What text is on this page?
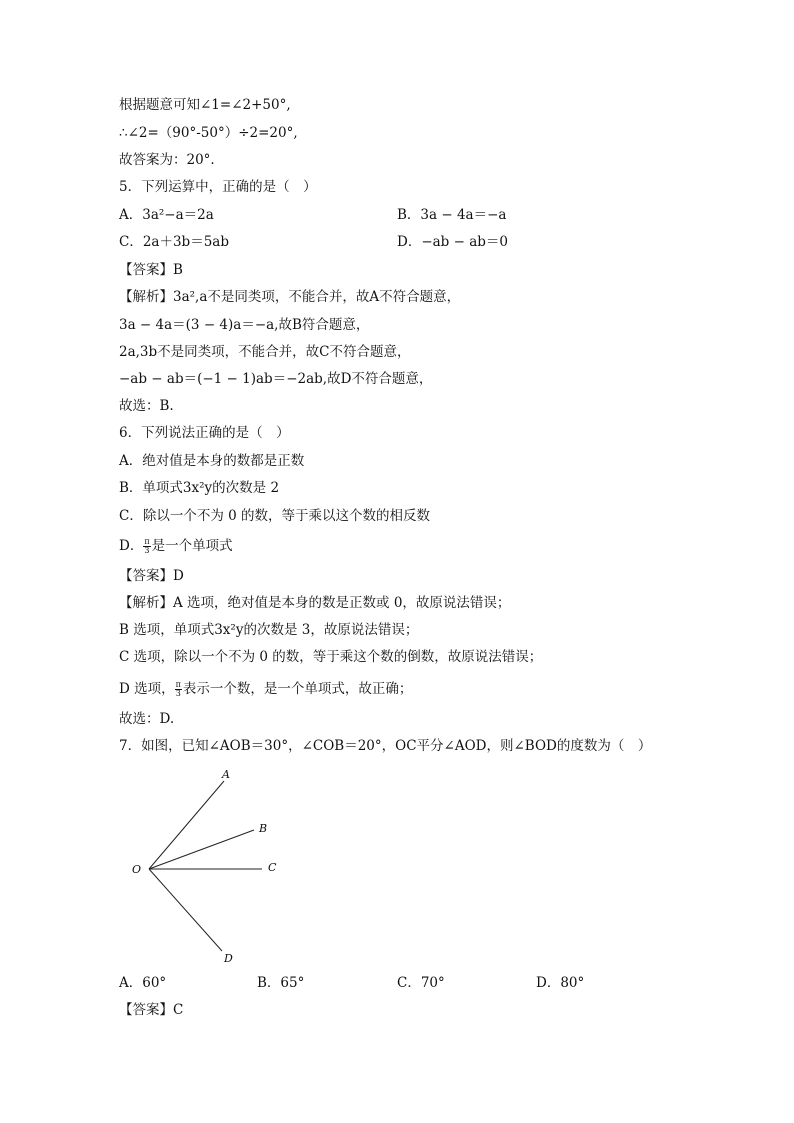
根据题意可知∠1=∠2+50°,
∴∠2=（90°-50°）÷2=20°,
故答案为：20°.
5．下列运算中，正确的是（　）
A．3a²−a＝2a	B．3a − 4a＝−a
C．2a＋3b＝5ab	D．−ab − ab＝0
【答案】B
【解析】3a²,a不是同类项，不能合并，故A不符合题意，
3a − 4a＝(3 − 4)a＝−a,故B符合题意，
2a,3b不是同类项，不能合并，故C不符合题意，
−ab − ab＝(−1 − 1)ab＝−2ab,故D不符合题意，
故选：B.
6．下列说法正确的是（　）
A．绝对值是本身的数都是正数
B．单项式3x²y的次数是 2
C．除以一个不为 0 的数，等于乘以这个数的相反数
D． $\frac{\pi}{3}$ 是一个单项式
【答案】D
【解析】A 选项，绝对值是本身的数是正数或 0，故原说法错误；
B 选项，单项式3x²y的次数是 3，故原说法错误；
C 选项，除以一个不为 0 的数，等于乘这个数的倒数，故原说法错误；
D 选项， $\frac{\pi}{3}$ 表示一个数，是一个单项式，故正确；
故选：D.
7．如图，已知∠AOB＝30°，∠COB＝20°，OC平分∠AOD，则∠BOD的度数为（　）
A
B
C
O
D
A．60°	B．65°	C．70°	D．80°
【答案】C
